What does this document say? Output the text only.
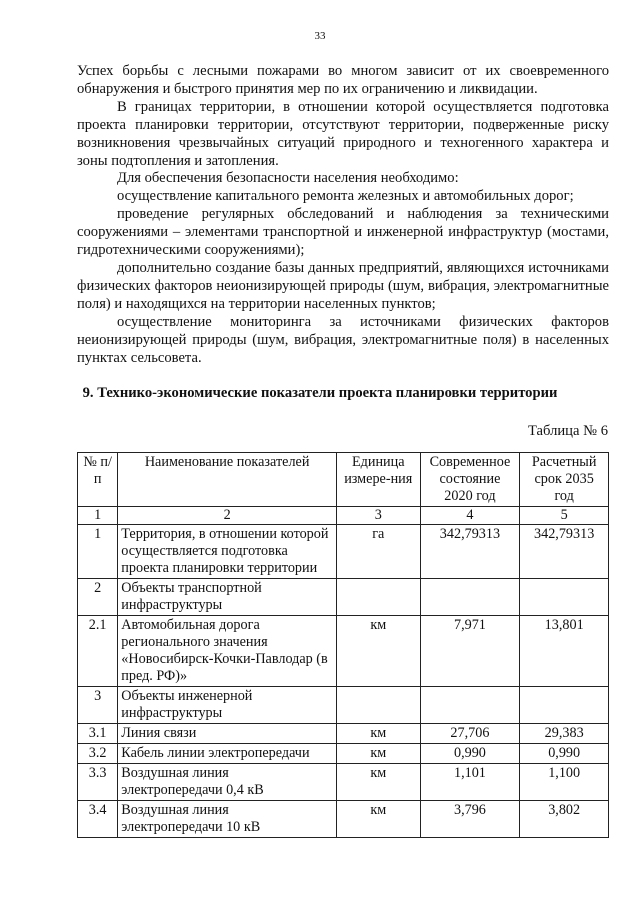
33

Успех борьбы с лесными пожарами во многом зависит от их своевременного обнаружения и быстрого принятия мер по их ограничению и ликвидации.

В границах территории, в отношении которой осуществляется подготовка проекта планировки территории, отсутствуют территории, подверженные риску возникновения чрезвычайных ситуаций природного и техногенного характера и зоны подтопления и затопления.

Для обеспечения безопасности населения необходимо:

осуществление капитального ремонта железных и автомобильных дорог;

проведение регулярных обследований и наблюдения за техническими сооружениями – элементами транспортной и инженерной инфраструктур (мостами, гидротехническими сооружениями);

дополнительно создание базы данных предприятий, являющихся источниками физических факторов неионизирующей природы (шум, вибрация, электромагнитные поля) и находящихся на территории населенных пунктов;

осуществление мониторинга за источниками физических факторов неионизирующей природы (шум, вибрация, электромагнитные поля) в населенных пунктах сельсовета.

9. Технико-экономические показатели проекта планировки территории
Таблица № 6
№ п/п	Наименование показателей	Единица измере-ния	Современное состояние 2020 год	Расчетный срок 2035 год
1	2	3	4	5
1	Территория, в отношении которой осуществляется подготовка проекта планировки территории	га	342,79313	342,79313
2	Объекты транспортной инфраструктуры			
2.1	Автомобильная дорога регионального значения «Новосибирск-Кочки-Павлодар (в пред. РФ)»	км	7,971	13,801
3	Объекты инженерной инфраструктуры			
3.1	Линия связи	км	27,706	29,383
3.2	Кабель линии электропередачи	км	0,990	0,990
3.3	Воздушная линия электропередачи 0,4 кВ	км	1,101	1,100
3.4	Воздушная линия электропередачи 10 кВ	км	3,796	3,802
